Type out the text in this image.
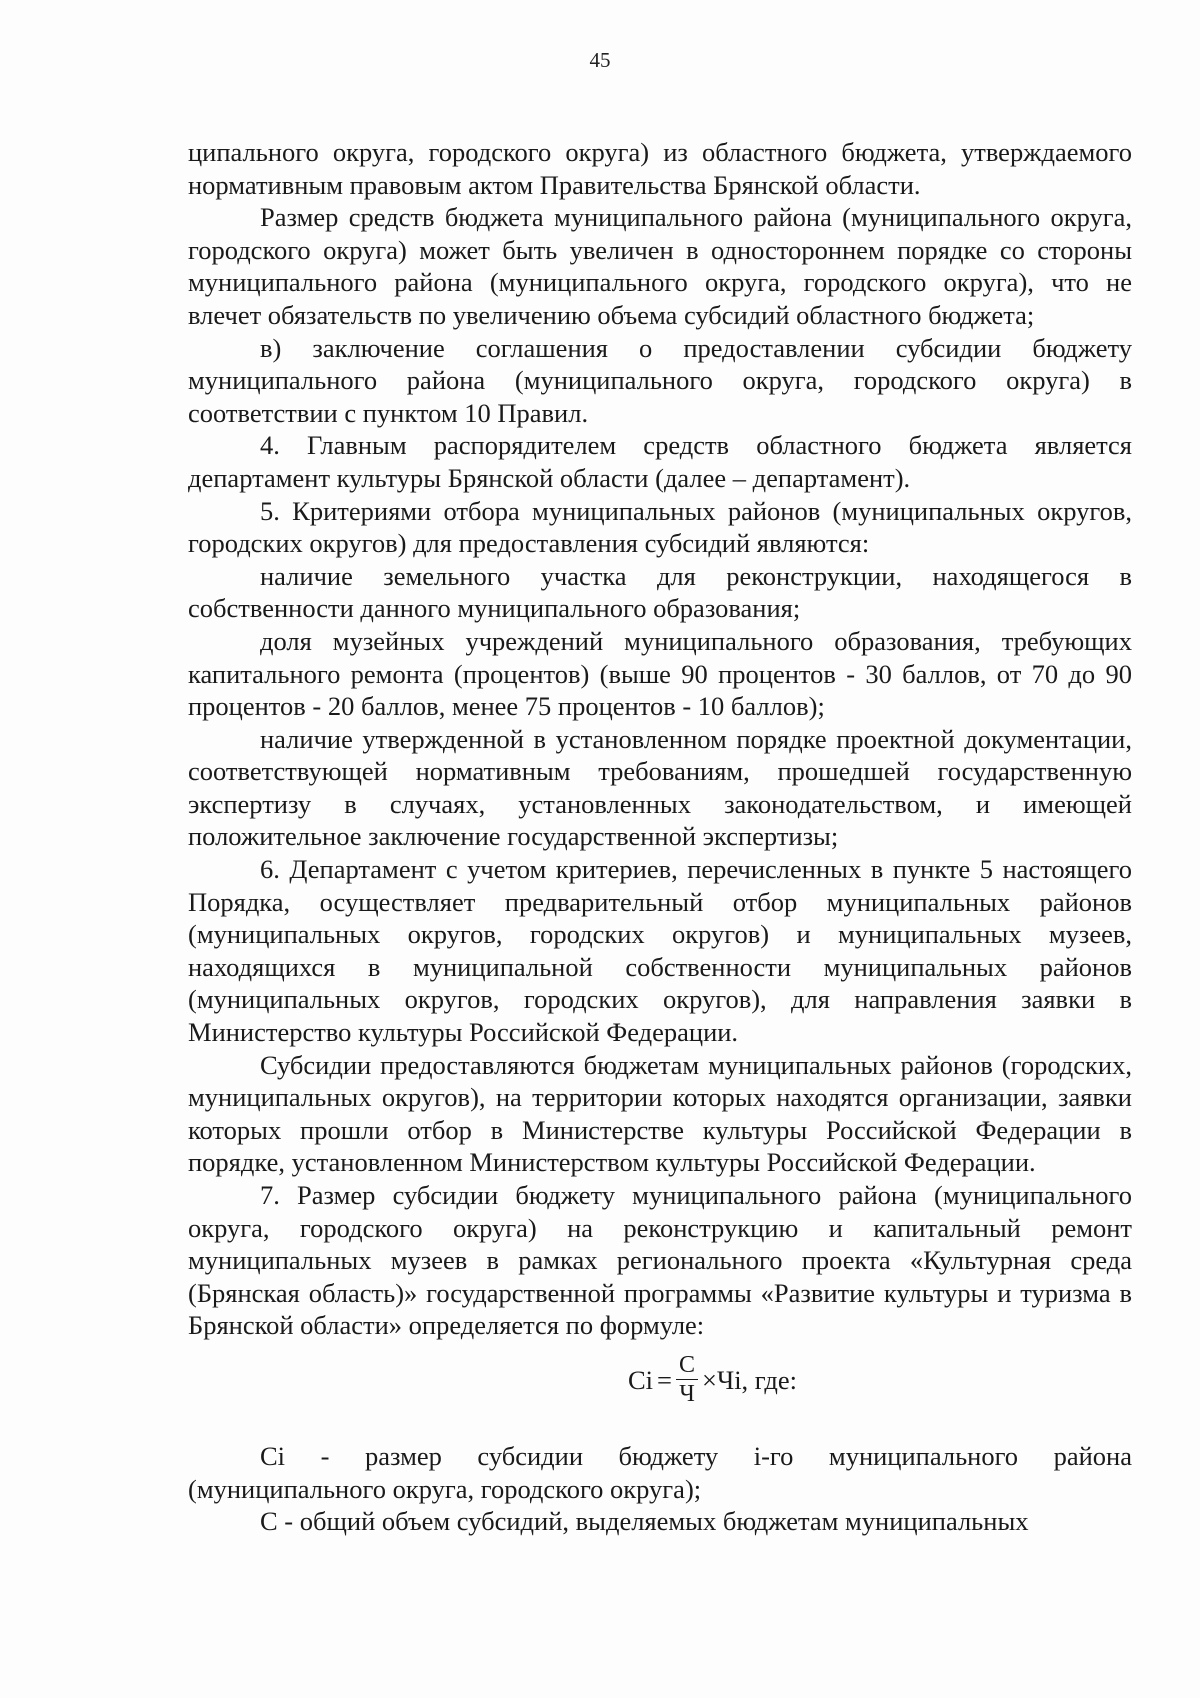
45

ципального округа, городского округа) из областного бюджета, утверждаемого нормативным правовым актом Правительства Брянской области.

Размер средств бюджета муниципального района (муниципального округа, городского округа) может быть увеличен в одностороннем порядке со стороны муниципального района (муниципального округа, городского округа), что не влечет обязательств по увеличению объема субсидий областного бюджета;

в) заключение соглашения о предоставлении субсидии бюджету муниципального района (муниципального округа, городского округа) в соответствии с пунктом 10 Правил.

4. Главным распорядителем средств областного бюджета является департамент культуры Брянской области (далее – департамент).

5. Критериями отбора муниципальных районов (муниципальных округов, городских округов) для предоставления субсидий являются:

наличие земельного участка для реконструкции, находящегося в собственности данного муниципального образования;

доля музейных учреждений муниципального образования, требующих капитального ремонта (процентов) (выше 90 процентов - 30 баллов, от 70 до 90 процентов - 20 баллов, менее 75 процентов - 10 баллов);

наличие утвержденной в установленном порядке проектной документации, соответствующей нормативным требованиям, прошедшей государственную экспертизу в случаях, установленных законодательством, и имеющей положительное заключение государственной экспертизы;

6. Департамент с учетом критериев, перечисленных в пункте 5 настоящего Порядка, осуществляет предварительный отбор муниципальных районов (муниципальных округов, городских округов) и муниципальных музеев, находящихся в муниципальной собственности муниципальных районов (муниципальных округов, городских округов), для направления заявки в Министерство культуры Российской Федерации.

Субсидии предоставляются бюджетам муниципальных районов (городских, муниципальных округов), на территории которых находятся организации, заявки которых прошли отбор в Министерстве культуры Российской Федерации в порядке, установленном Министерством культуры Российской Федерации.

7. Размер субсидии бюджету муниципального района (муниципального округа, городского округа) на реконструкцию и капитальный ремонт муниципальных музеев в рамках регионального проекта «Культурная среда (Брянская область)» государственной программы «Развитие культуры и туризма в Брянской области» определяется по формуле:

$Ci = \frac{C}{Ч}$ × Чi, где:

Ci - размер субсидии бюджету i-го муниципального района (муниципального округа, городского округа);

С - общий объем субсидий, выделяемых бюджетам муниципальных
